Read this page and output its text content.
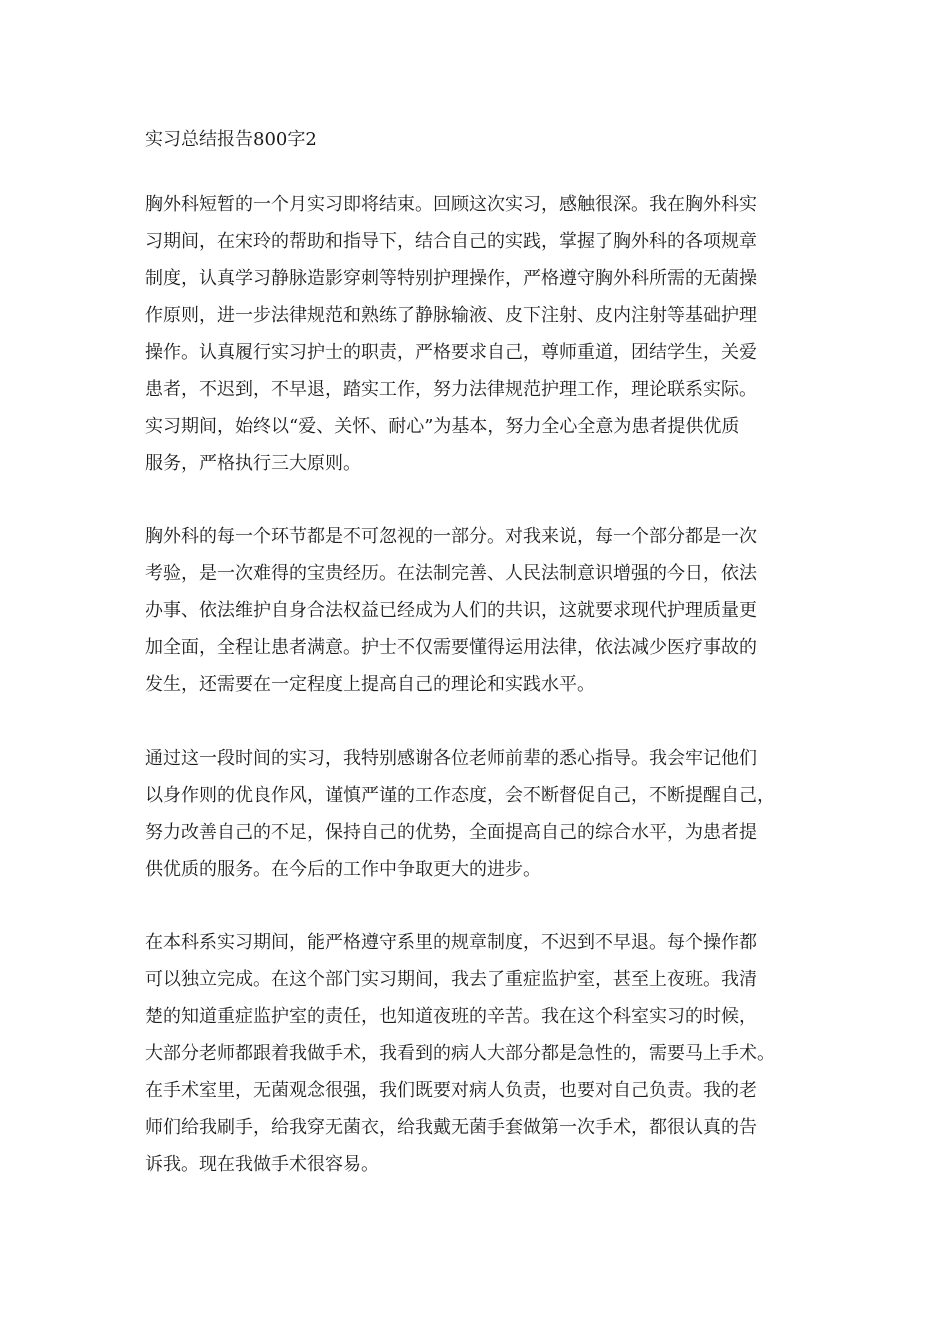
实习总结报告800字2
胸外科短暂的一个月实习即将结束。回顾这次实习，感触很深。我在胸外科实
习期间，在宋玲的帮助和指导下，结合自己的实践，掌握了胸外科的各项规章
制度，认真学习静脉造影穿刺等特别护理操作，严格遵守胸外科所需的无菌操
作原则，进一步法律规范和熟练了静脉输液、皮下注射、皮内注射等基础护理
操作。认真履行实习护士的职责，严格要求自己，尊师重道，团结学生，关爱
患者，不迟到，不早退，踏实工作，努力法律规范护理工作，理论联系实际。
实习期间，始终以“爱、关怀、耐心”为基本，努力全心全意为患者提供优质
服务，严格执行三大原则。
胸外科的每一个环节都是不可忽视的一部分。对我来说，每一个部分都是一次
考验，是一次难得的宝贵经历。在法制完善、人民法制意识增强的今日，依法
办事、依法维护自身合法权益已经成为人们的共识，这就要求现代护理质量更
加全面，全程让患者满意。护士不仅需要懂得运用法律，依法减少医疗事故的
发生，还需要在一定程度上提高自己的理论和实践水平。
通过这一段时间的实习，我特别感谢各位老师前辈的悉心指导。我会牢记他们
以身作则的优良作风，谨慎严谨的工作态度，会不断督促自己，不断提醒自己，
努力改善自己的不足，保持自己的优势，全面提高自己的综合水平，为患者提
供优质的服务。在今后的工作中争取更大的进步。
在本科系实习期间，能严格遵守系里的规章制度，不迟到不早退。每个操作都
可以独立完成。在这个部门实习期间，我去了重症监护室，甚至上夜班。我清
楚的知道重症监护室的责任，也知道夜班的辛苦。我在这个科室实习的时候，
大部分老师都跟着我做手术，我看到的病人大部分都是急性的，需要马上手术。
在手术室里，无菌观念很强，我们既要对病人负责，也要对自己负责。我的老
师们给我刷手，给我穿无菌衣，给我戴无菌手套做第一次手术，都很认真的告
诉我。现在我做手术很容易。
